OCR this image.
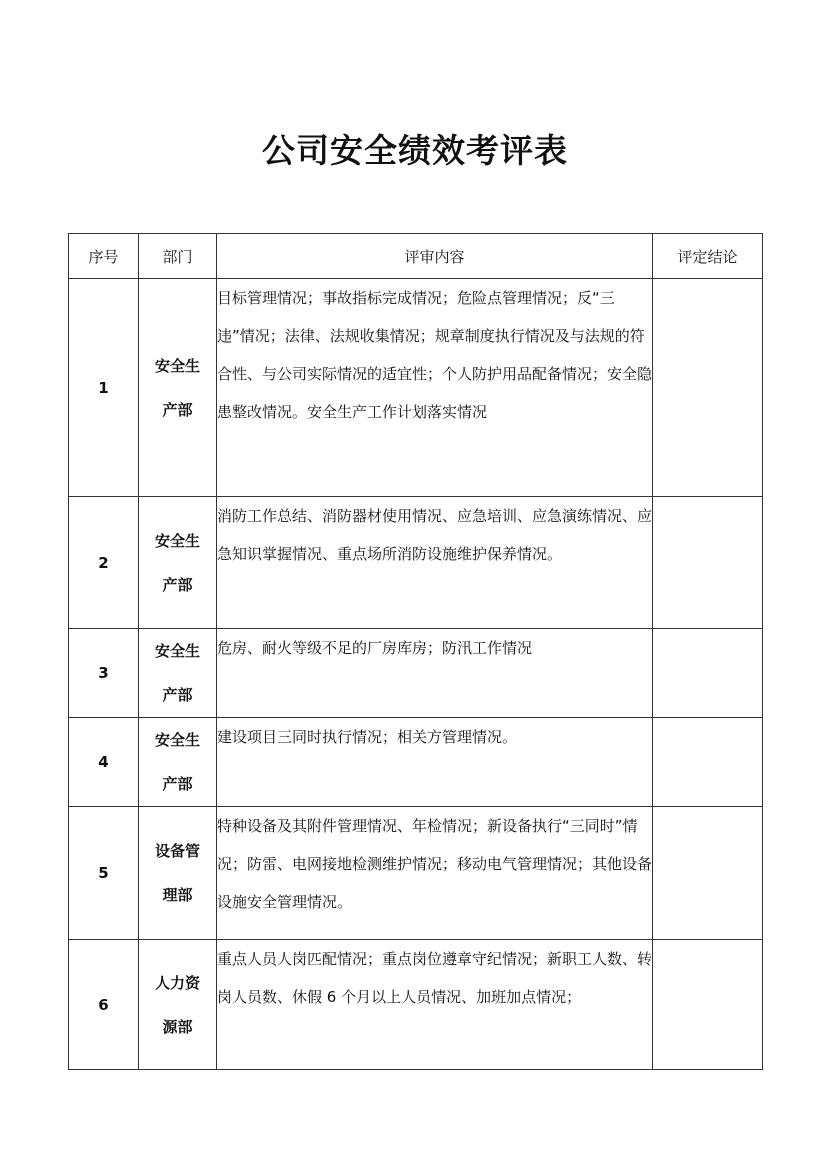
公司安全绩效考评表
序号	部门	评审内容	评定结论
1	安全生产部	目标管理情况；事故指标完成情况；危险点管理情况；反“三违”情况；法律、法规收集情况；规章制度执行情况及与法规的符合性、与公司实际情况的适宜性；个人防护用品配备情况；安全隐患整改情况。安全生产工作计划落实情况	
2	安全生产部	消防工作总结、消防器材使用情况、应急培训、应急演练情况、应急知识掌握情况、重点场所消防设施维护保养情况。	
3	安全生产部	危房、耐火等级不足的厂房库房；防汛工作情况	
4	安全生产部	建设项目三同时执行情况；相关方管理情况。	
5	设备管理部	特种设备及其附件管理情况、年检情况；新设备执行“三同时”情况；防雷、电网接地检测维护情况；移动电气管理情况；其他设备设施安全管理情况。	
6	人力资源部	重点人员人岗匹配情况；重点岗位遵章守纪情况；新职工人数、转岗人员数、休假 6 个月以上人员情况、加班加点情况；	
